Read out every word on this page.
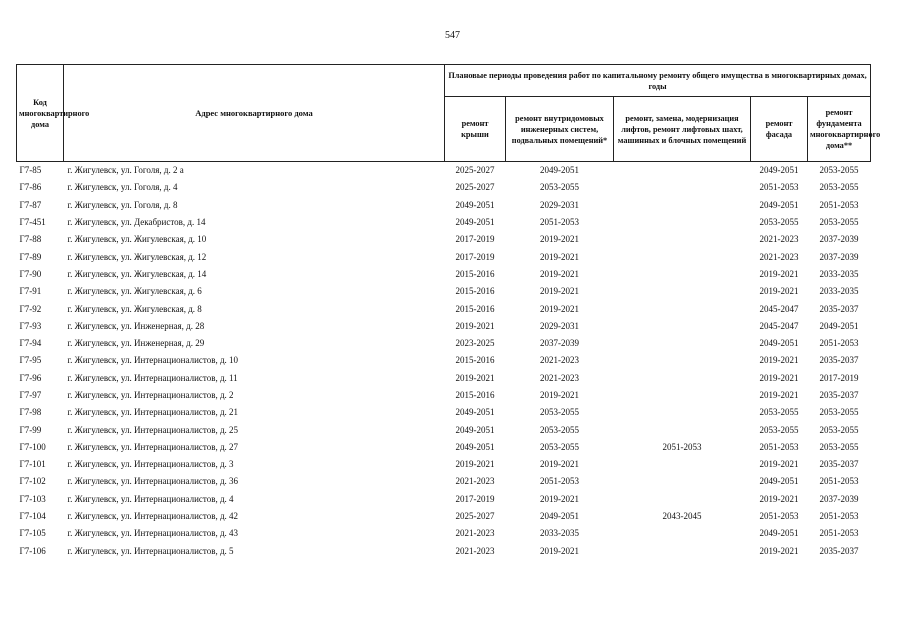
547
Код многоквартирного дома	Адрес многоквартирного дома	Плановые периоды проведения работ по капитальному ремонту общего имущества в многоквартирных домах, годы				
		ремонт крыши	ремонт внутридомовых инженерных систем, подвальных помещений*	ремонт, замена, модернизация лифтов, ремонт лифтовых шахт, машинных и блочных помещений	ремонт фасада	ремонт фундамента многоквартирного дома**
Г7-85	г. Жигулевск, ул. Гоголя, д. 2 а	2025-2027	2049-2051		2049-2051	2053-2055
Г7-86	г. Жигулевск, ул. Гоголя, д. 4	2025-2027	2053-2055		2051-2053	2053-2055
Г7-87	г. Жигулевск, ул. Гоголя, д. 8	2049-2051	2029-2031		2049-2051	2051-2053
Г7-451	г. Жигулевск, ул. Декабристов, д. 14	2049-2051	2051-2053		2053-2055	2053-2055
Г7-88	г. Жигулевск, ул. Жигулевская, д. 10	2017-2019	2019-2021		2021-2023	2037-2039
Г7-89	г. Жигулевск, ул. Жигулевская, д. 12	2017-2019	2019-2021		2021-2023	2037-2039
Г7-90	г. Жигулевск, ул. Жигулевская, д. 14	2015-2016	2019-2021		2019-2021	2033-2035
Г7-91	г. Жигулевск, ул. Жигулевская, д. 6	2015-2016	2019-2021		2019-2021	2033-2035
Г7-92	г. Жигулевск, ул. Жигулевская, д. 8	2015-2016	2019-2021		2045-2047	2035-2037
Г7-93	г. Жигулевск, ул. Инженерная, д. 28	2019-2021	2029-2031		2045-2047	2049-2051
Г7-94	г. Жигулевск, ул. Инженерная, д. 29	2023-2025	2037-2039		2049-2051	2051-2053
Г7-95	г. Жигулевск, ул. Интернационалистов, д. 10	2015-2016	2021-2023		2019-2021	2035-2037
Г7-96	г. Жигулевск, ул. Интернационалистов, д. 11	2019-2021	2021-2023		2019-2021	2017-2019
Г7-97	г. Жигулевск, ул. Интернационалистов, д. 2	2015-2016	2019-2021		2019-2021	2035-2037
Г7-98	г. Жигулевск, ул. Интернационалистов, д. 21	2049-2051	2053-2055		2053-2055	2053-2055
Г7-99	г. Жигулевск, ул. Интернационалистов, д. 25	2049-2051	2053-2055		2053-2055	2053-2055
Г7-100	г. Жигулевск, ул. Интернационалистов, д. 27	2049-2051	2053-2055	2051-2053	2051-2053	2053-2055
Г7-101	г. Жигулевск, ул. Интернационалистов, д. 3	2019-2021	2019-2021		2019-2021	2035-2037
Г7-102	г. Жигулевск, ул. Интернационалистов, д. 36	2021-2023	2051-2053		2049-2051	2051-2053
Г7-103	г. Жигулевск, ул. Интернационалистов, д. 4	2017-2019	2019-2021		2019-2021	2037-2039
Г7-104	г. Жигулевск, ул. Интернационалистов, д. 42	2025-2027	2049-2051	2043-2045	2051-2053	2051-2053
Г7-105	г. Жигулевск, ул. Интернационалистов, д. 43	2021-2023	2033-2035		2049-2051	2051-2053
Г7-106	г. Жигулевск, ул. Интернационалистов, д. 5	2021-2023	2019-2021		2019-2021	2035-2037
